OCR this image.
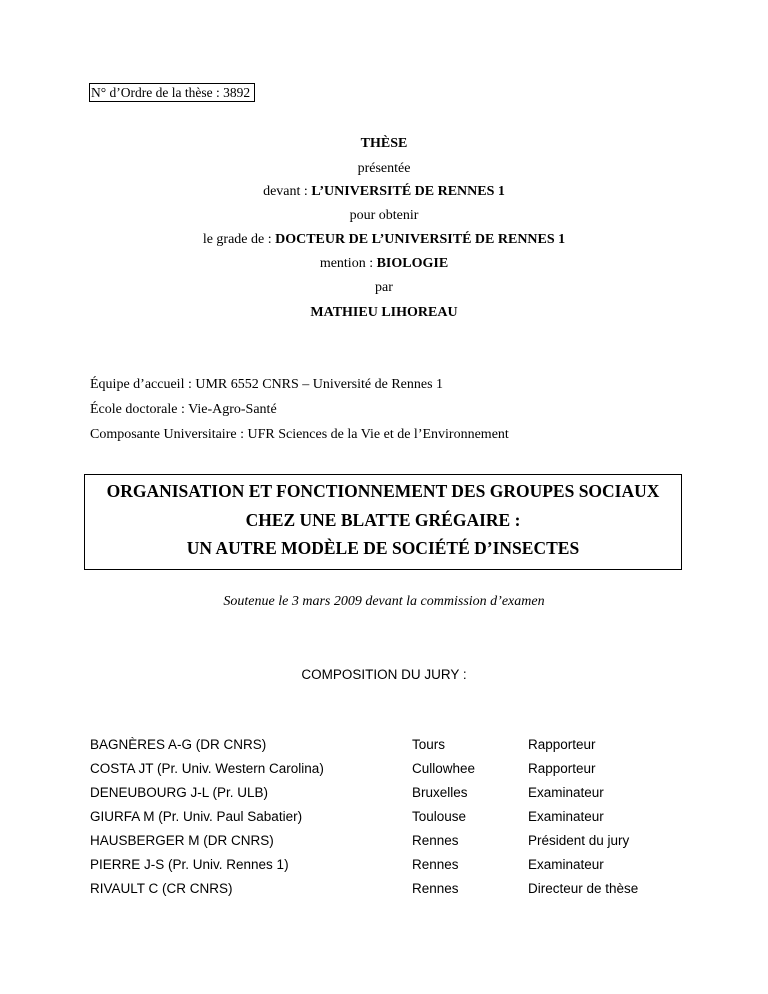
N° d’Ordre de la thèse : 3892
THÈSE
présentée
devant : L’UNIVERSITÉ DE RENNES 1
pour obtenir
le grade de : DOCTEUR DE L’UNIVERSITÉ DE RENNES 1
mention : BIOLOGIE
par
MATHIEU LIHOREAU
Équipe d’accueil : UMR 6552 CNRS – Université de Rennes 1
École doctorale : Vie-Agro-Santé
Composante Universitaire : UFR Sciences de la Vie et de l’Environnement
ORGANISATION ET FONCTIONNEMENT DES GROUPES SOCIAUX
CHEZ UNE BLATTE GRÉGAIRE :
UN AUTRE MODÈLE DE SOCIÉTÉ D’INSECTES
Soutenue le 3 mars 2009 devant la commission d’examen
COMPOSITION DU JURY :
BAGNÈRES A-G (DR CNRS)	Tours	Rapporteur
COSTA JT (Pr. Univ. Western Carolina)	Cullowhee	Rapporteur
DENEUBOURG J-L (Pr. ULB)	Bruxelles	Examinateur
GIURFA M (Pr. Univ. Paul Sabatier)	Toulouse	Examinateur
HAUSBERGER M (DR CNRS)	Rennes	Président du jury
PIERRE J-S (Pr. Univ. Rennes 1)	Rennes	Examinateur
RIVAULT C (CR CNRS)	Rennes	Directeur de thèse
